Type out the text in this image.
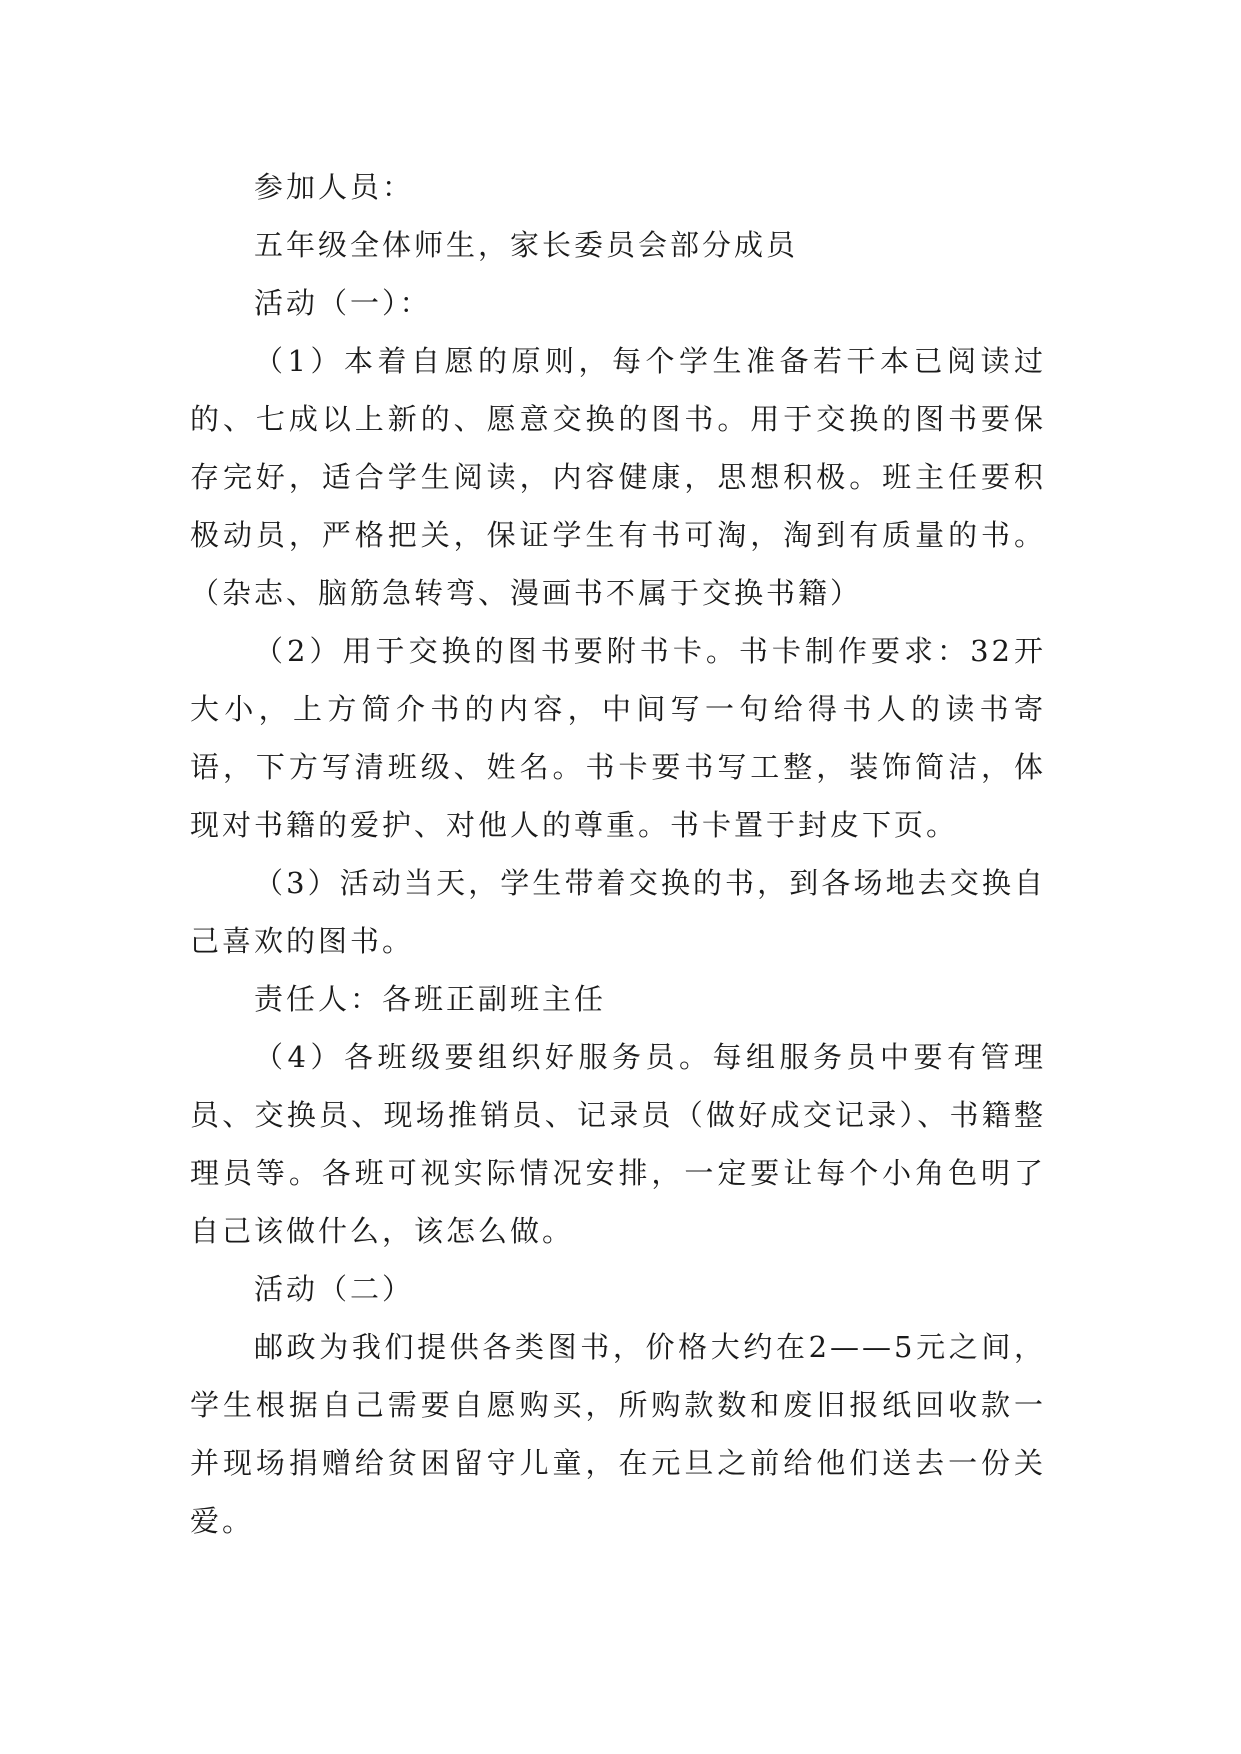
参加人员：

五年级全体师生，家长委员会部分成员

活动（一）：

（1）本着自愿的原则，每个学生准备若干本已阅读过的、七成以上新的、愿意交换的图书。用于交换的图书要保存完好，适合学生阅读，内容健康，思想积极。班主任要积极动员，严格把关，保证学生有书可淘，淘到有质量的书。（杂志、脑筋急转弯、漫画书不属于交换书籍）

（2）用于交换的图书要附书卡。书卡制作要求：32开大小，上方简介书的内容，中间写一句给得书人的读书寄语，下方写清班级、姓名。书卡要书写工整，装饰简洁，体现对书籍的爱护、对他人的尊重。书卡置于封皮下页。

（3）活动当天，学生带着交换的书，到各场地去交换自己喜欢的图书。

责任人：各班正副班主任

（4）各班级要组织好服务员。每组服务员中要有管理员、交换员、现场推销员、记录员（做好成交记录）、书籍整理员等。各班可视实际情况安排，一定要让每个小角色明了自己该做什么，该怎么做。

活动（二）

邮政为我们提供各类图书，价格大约在2——5元之间，学生根据自己需要自愿购买，所购款数和废旧报纸回收款一并现场捐赠给贫困留守儿童，在元旦之前给他们送去一份关爱。
